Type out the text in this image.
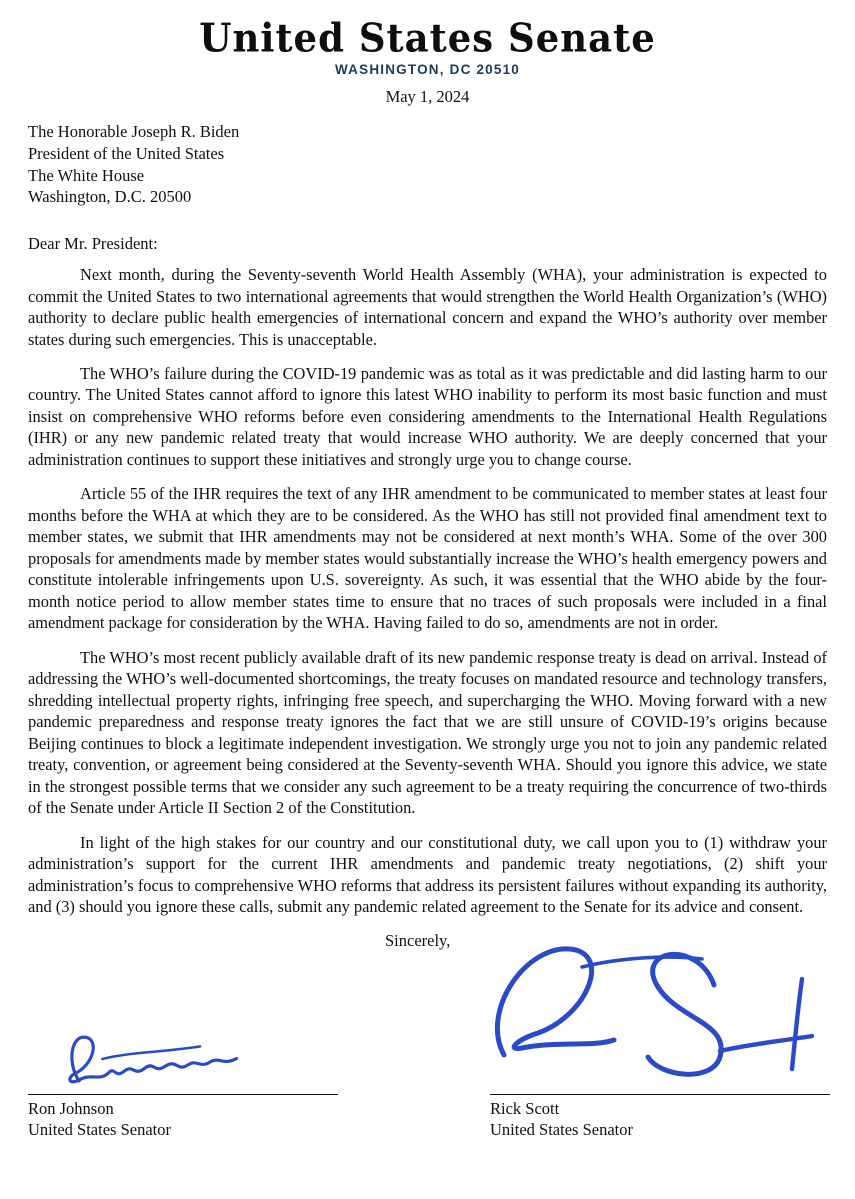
United States Senate
WASHINGTON, DC 20510
May 1, 2024
The Honorable Joseph R. Biden
President of the United States
The White House
Washington, D.C. 20500
Dear Mr. President:

Next month, during the Seventy-seventh World Health Assembly (WHA), your administration is expected to commit the United States to two international agreements that would strengthen the World Health Organization’s (WHO) authority to declare public health emergencies of international concern and expand the WHO’s authority over member states during such emergencies. This is unacceptable.

The WHO’s failure during the COVID-19 pandemic was as total as it was predictable and did lasting harm to our country. The United States cannot afford to ignore this latest WHO inability to perform its most basic function and must insist on comprehensive WHO reforms before even considering amendments to the International Health Regulations (IHR) or any new pandemic related treaty that would increase WHO authority. We are deeply concerned that your administration continues to support these initiatives and strongly urge you to change course.

Article 55 of the IHR requires the text of any IHR amendment to be communicated to member states at least four months before the WHA at which they are to be considered. As the WHO has still not provided final amendment text to member states, we submit that IHR amendments may not be considered at next month’s WHA. Some of the over 300 proposals for amendments made by member states would substantially increase the WHO’s health emergency powers and constitute intolerable infringements upon U.S. sovereignty. As such, it was essential that the WHO abide by the four-month notice period to allow member states time to ensure that no traces of such proposals were included in a final amendment package for consideration by the WHA. Having failed to do so, amendments are not in order.

The WHO’s most recent publicly available draft of its new pandemic response treaty is dead on arrival. Instead of addressing the WHO’s well-documented shortcomings, the treaty focuses on mandated resource and technology transfers, shredding intellectual property rights, infringing free speech, and supercharging the WHO. Moving forward with a new pandemic preparedness and response treaty ignores the fact that we are still unsure of COVID-19’s origins because Beijing continues to block a legitimate independent investigation. We strongly urge you not to join any pandemic related treaty, convention, or agreement being considered at the Seventy-seventh WHA. Should you ignore this advice, we state in the strongest possible terms that we consider any such agreement to be a treaty requiring the concurrence of two-thirds of the Senate under Article II Section 2 of the Constitution.

In light of the high stakes for our country and our constitutional duty, we call upon you to (1) withdraw your administration’s support for the current IHR amendments and pandemic treaty negotiations, (2) shift your administration’s focus to comprehensive WHO reforms that address its persistent failures without expanding its authority, and (3) should you ignore these calls, submit any pandemic related agreement to the Senate for its advice and consent.

Sincerely,
Ron Johnson
United States Senator
Rick Scott
United States Senator
